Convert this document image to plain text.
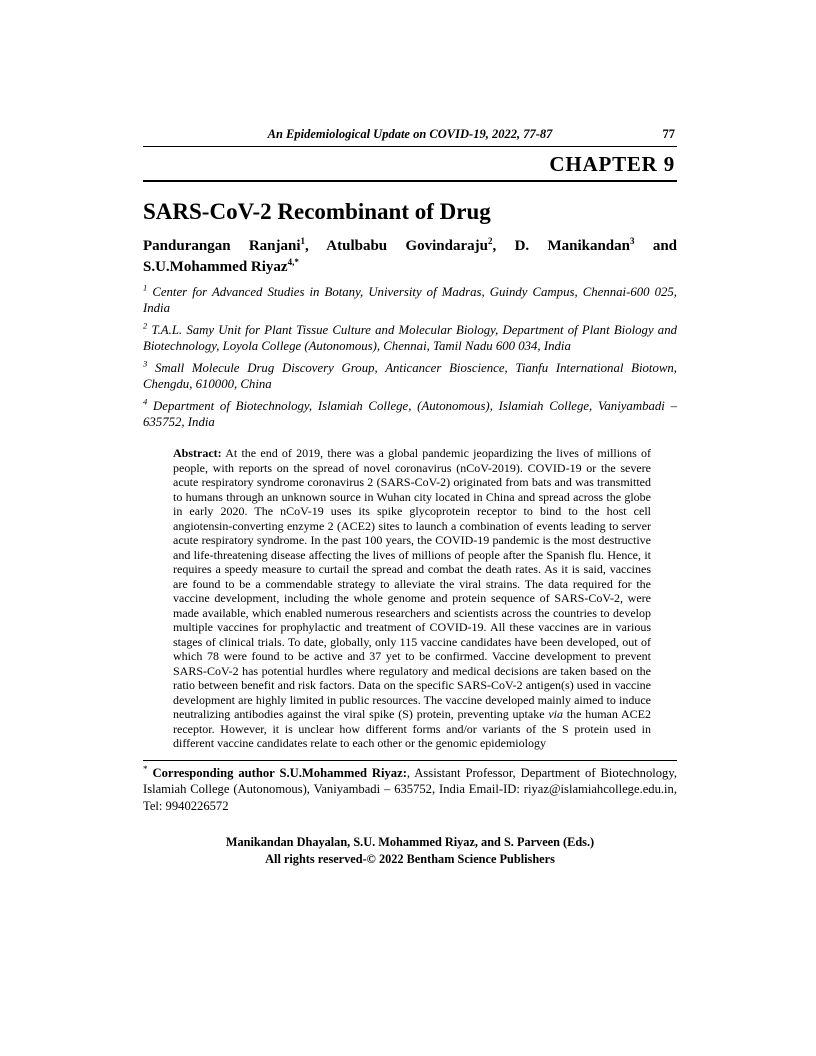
An Epidemiological Update on COVID-19, 2022, 77-87	77
CHAPTER 9
SARS-CoV-2 Recombinant of Drug

Pandurangan Ranjani$^1$, Atulbabu Govindaraju$^2$, D. Manikandan$^3$ and S.U.Mohammed Riyaz$^{4,*}$

$^1$ Center for Advanced Studies in Botany, University of Madras, Guindy Campus, Chennai-600 025, India

$^2$ T.A.L. Samy Unit for Plant Tissue Culture and Molecular Biology, Department of Plant Biology and Biotechnology, Loyola College (Autonomous), Chennai, Tamil Nadu 600 034, India

$^3$ Small Molecule Drug Discovery Group, Anticancer Bioscience, Tianfu International Biotown, Chengdu, 610000, China

$^4$ Department of Biotechnology, Islamiah College, (Autonomous), Islamiah College, Vaniyambadi – 635752, India

Abstract: At the end of 2019, there was a global pandemic jeopardizing the lives of millions of people, with reports on the spread of novel coronavirus (nCoV-2019). COVID-19 or the severe acute respiratory syndrome coronavirus 2 (SARS-CoV-2) originated from bats and was transmitted to humans through an unknown source in Wuhan city located in China and spread across the globe in early 2020. The nCoV-19 uses its spike glycoprotein receptor to bind to the host cell angiotensin-converting enzyme 2 (ACE2) sites to launch a combination of events leading to server acute respiratory syndrome. In the past 100 years, the COVID-19 pandemic is the most destructive and life-threatening disease affecting the lives of millions of people after the Spanish flu. Hence, it requires a speedy measure to curtail the spread and combat the death rates. As it is said, vaccines are found to be a commendable strategy to alleviate the viral strains. The data required for the vaccine development, including the whole genome and protein sequence of SARS-CoV-2, were made available, which enabled numerous researchers and scientists across the countries to develop multiple vaccines for prophylactic and treatment of COVID-19. All these vaccines are in various stages of clinical trials. To date, globally, only 115 vaccine candidates have been developed, out of which 78 were found to be active and 37 yet to be confirmed. Vaccine development to prevent SARS-CoV-2 has potential hurdles where regulatory and medical decisions are taken based on the ratio between benefit and risk factors. Data on the specific SARS-CoV-2 antigen(s) used in vaccine development are highly limited in public resources. The vaccine developed mainly aimed to induce neutralizing antibodies against the viral spike (S) protein, preventing uptake via the human ACE2 receptor. However, it is unclear how different forms and/or variants of the S protein used in different vaccine candidates relate to each other or the genomic epidemiology

* Corresponding author S.U.Mohammed Riyaz:, Assistant Professor, Department of Biotechnology, Islamiah College (Autonomous), Vaniyambadi – 635752, India Email-ID: riyaz@islamiahcollege.edu.in, Tel: 9940226572

Manikandan Dhayalan, S.U. Mohammed Riyaz, and S. Parveen (Eds.)
All rights reserved-© 2022 Bentham Science Publishers
